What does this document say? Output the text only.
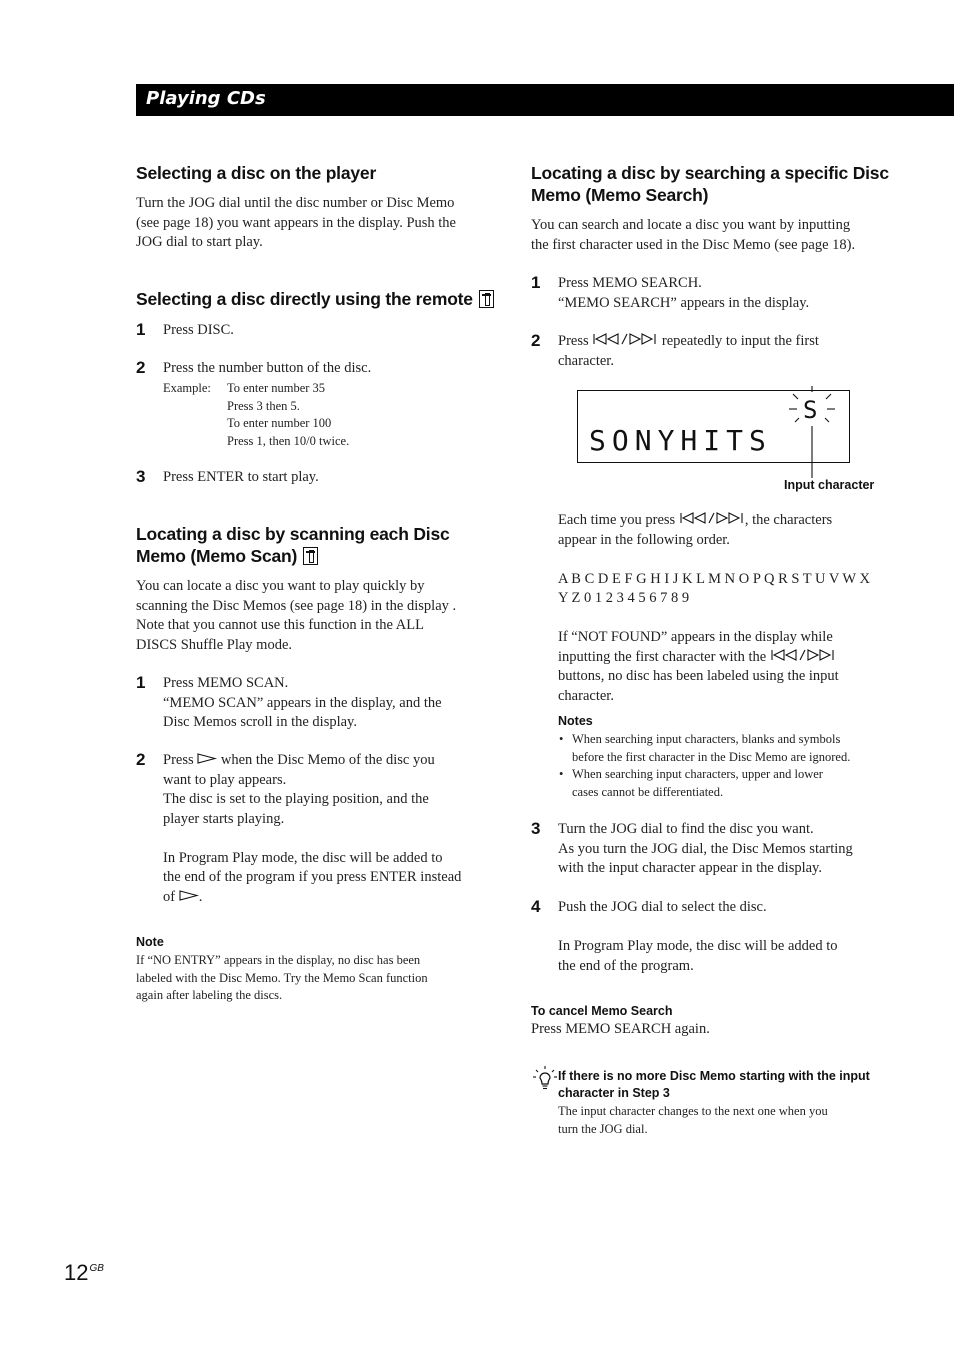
Playing CDs
Selecting a disc on the player
Turn the JOG dial until the disc number or Disc Memo
(see page 18) you want appears in the display. Push the
JOG dial to start play.
Selecting a disc directly using the remote
1 Press DISC.
2 Press the number button of the disc.
Example: To enter number 35
Press 3 then 5.
To enter number 100
Press 1, then 10/0 twice.
3 Press ENTER to start play.
Locating a disc by scanning each Disc
Memo (Memo Scan)
You can locate a disc you want to play quickly by
scanning the Disc Memos (see page 18) in the display .
Note that you cannot use this function in the ALL
DISCS Shuffle Play mode.
1 Press MEMO SCAN.
“MEMO SCAN” appears in the display, and the
Disc Memos scroll in the display.
2 Press  when the Disc Memo of the disc you
want to play appears.
The disc is set to the playing position, and the
player starts playing.
In Program Play mode, the disc will be added to
the end of the program if you press ENTER instead
of .
Note
If “NO ENTRY” appears in the display, no disc has been
labeled with the Disc Memo. Try the Memo Scan function
again after labeling the discs.
Locating a disc by searching a specific Disc
Memo (Memo Search)
You can search and locate a disc you want by inputting
the first character used in the Disc Memo (see page 18).
1 Press MEMO SEARCH.
“MEMO SEARCH” appears in the display.
2 Press	repeatedly to input the first
character.
SONYHITS
S
Input character
Each time you press	, the characters
appear in the following order.
A B C D E F G H I J K L M N O P Q R S T U V W X
Y Z 0 1 2 3 4 5 6 7 8 9
If “NOT FOUND” appears in the display while
inputting the first character with the
buttons, no disc has been labeled using the input
character.
Notes
• When searching input characters, blanks and symbols
before the first character in the Disc Memo are ignored.
• When searching input characters, upper and lower
cases cannot be differentiated.
3 Turn the JOG dial to find the disc you want.
As you turn the JOG dial, the Disc Memos starting
with the input character appear in the display.
4 Push the JOG dial to select the disc.
In Program Play mode, the disc will be added to
the end of the program.
To cancel Memo Search
Press MEMO SEARCH again.
If there is no more Disc Memo starting with the input
character in Step 3
The input character changes to the next one when you
turn the JOG dial.
$12^{GB}$
